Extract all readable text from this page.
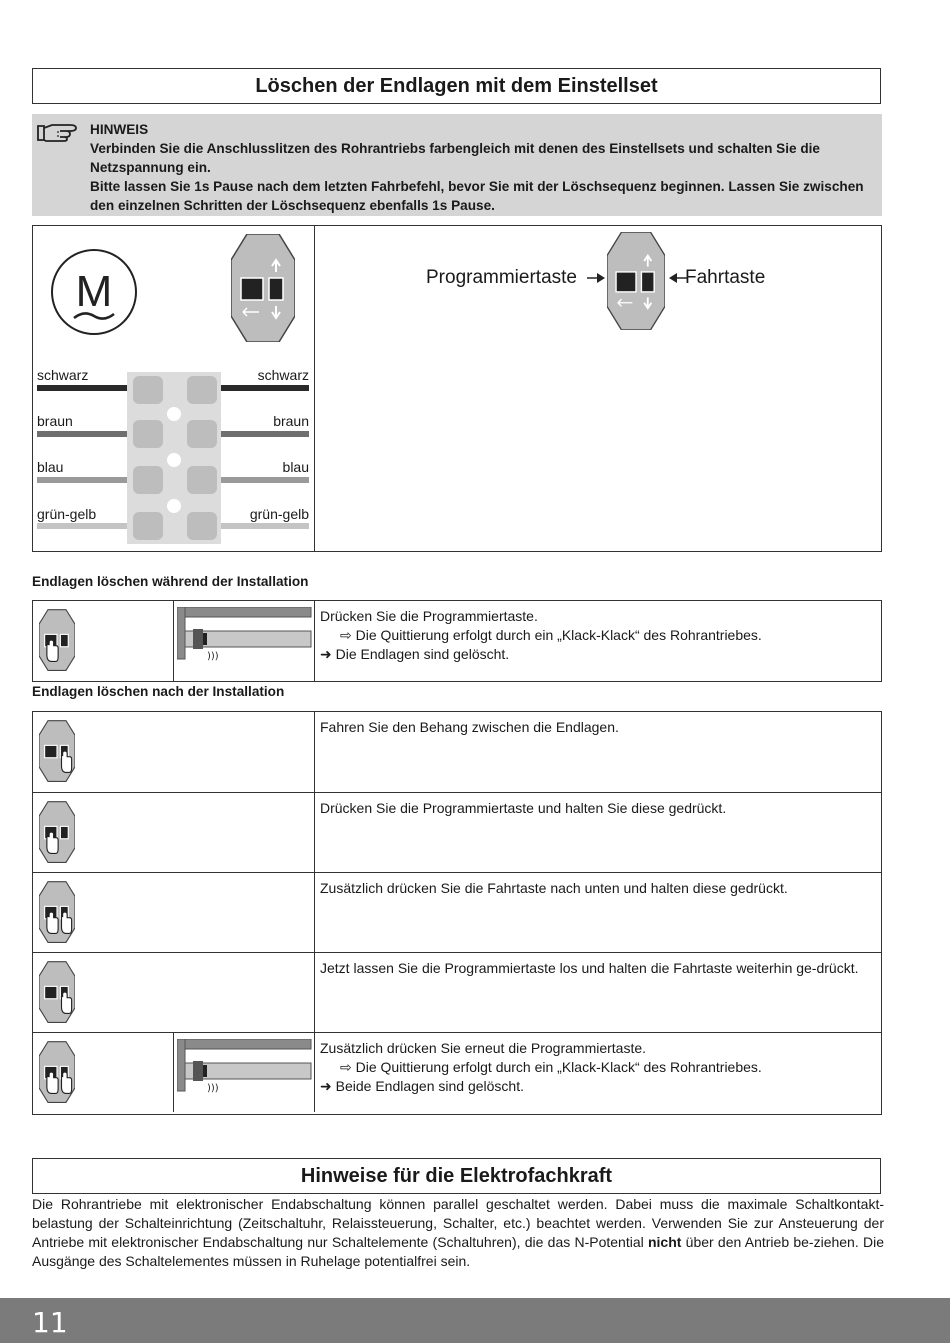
Löschen der Endlagen mit dem Einstellset
HINWEIS
Verbinden Sie die Anschlusslitzen des Rohrantriebs farbengleich mit denen des Einstellsets und schalten Sie die Netzspannung ein.
Bitte lassen Sie 1s Pause nach dem letzten Fahrbefehl, bevor Sie mit der Löschsequenz beginnen. Lassen Sie zwischen den einzelnen Schritten der Löschsequenz ebenfalls 1s Pause.
M
schwarz	schwarz
braun	braun
blau	blau
grün-gelb	grün-gelb
Programmiertaste	Fahrtaste
Endlagen löschen während der Installation
)))
Drücken Sie die Programmiertaste.
⇨ Die Quittierung erfolgt durch ein „Klack-Klack“ des Rohrantriebes.
➜ Die Endlagen sind gelöscht.
Endlagen löschen nach der Installation
Fahren Sie den Behang zwischen die Endlagen.
Drücken Sie die Programmiertaste und halten Sie diese gedrückt.
Zusätzlich drücken Sie die Fahrtaste nach unten und halten diese gedrückt.
Jetzt lassen Sie die Programmiertaste los und halten die Fahrtaste weiterhin ge-drückt.
)))
Zusätzlich drücken Sie erneut die Programmiertaste.
⇨ Die Quittierung erfolgt durch ein „Klack-Klack“ des Rohrantriebes.
➜ Beide Endlagen sind gelöscht.
Hinweise für die Elektrofachkraft
Die Rohrantriebe mit elektronischer Endabschaltung können parallel geschaltet werden. Dabei muss die maximale Schaltkontakt-belastung der Schalteinrichtung (Zeitschaltuhr, Relaissteuerung, Schalter, etc.) beachtet werden. Verwenden Sie zur Ansteuerung der Antriebe mit elektronischer Endabschaltung nur Schaltelemente (Schaltuhren), die das N-Potential nicht über den Antrieb be-ziehen. Die Ausgänge des Schaltelementes müssen in Ruhelage potentialfrei sein.
11
